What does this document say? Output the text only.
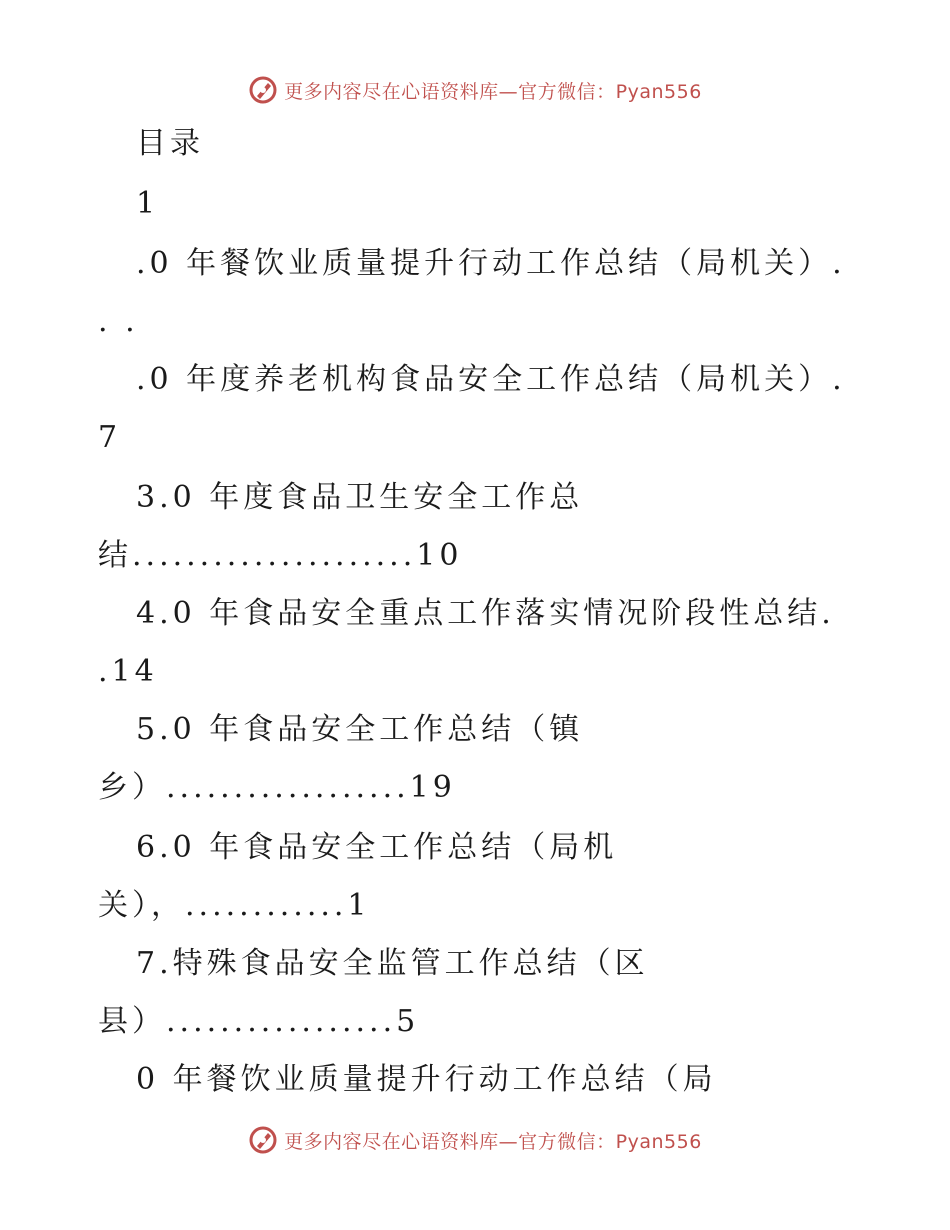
更多内容尽在心语资料库—官方微信：Pyan556
目录
1
.0 年餐饮业质量提升行动工作总结（局机关）.
. .
.0 年度养老机构食品安全工作总结（局机关）.
7
3.0 年度食品卫生安全工作总
结.....................10
4.0 年食品安全重点工作落实情况阶段性总结.
.14
5.0 年食品安全工作总结（镇
乡）..................19
6.0 年食品安全工作总结（局机
关），............1
7.特殊食品安全监管工作总结（区
县）.................5
0 年餐饮业质量提升行动工作总结（局
更多内容尽在心语资料库—官方微信：Pyan556
